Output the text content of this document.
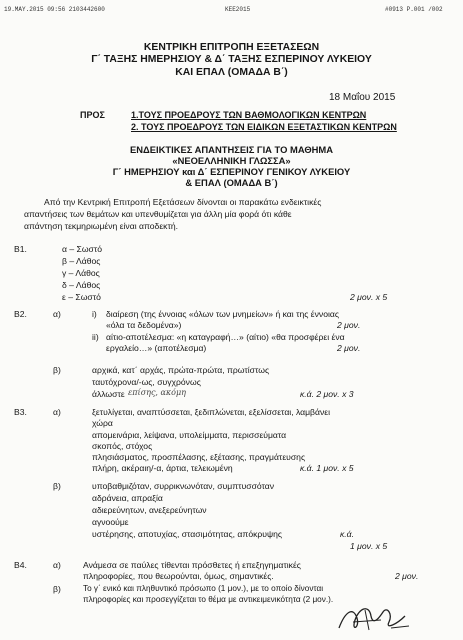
19.MAY.2015 09:56 2103442600	ΚΕΕ2015	#0913 P.001 /002
ΚΕΝΤΡΙΚΗ ΕΠΙΤΡΟΠΗ ΕΞΕΤΑΣΕΩΝ
Γ΄ ΤΑΞΗΣ ΗΜΕΡΗΣΙΟΥ & Δ΄ ΤΑΞΗΣ ΕΣΠΕΡΙΝΟΥ ΛΥΚΕΙΟΥ
ΚΑΙ ΕΠΑΛ (ΟΜΑΔΑ Β΄)
18 Μαΐου 2015
ΠΡΟΣ	1.ΤΟΥΣ ΠΡΟΕΔΡΟΥΣ ΤΩΝ ΒΑΘΜΟΛΟΓΙΚΩΝ ΚΕΝΤΡΩΝ
2. ΤΟΥΣ ΠΡΟΕΔΡΟΥΣ ΤΩΝ ΕΙΔΙΚΩΝ ΕΞΕΤΑΣΤΙΚΩΝ ΚΕΝΤΡΩΝ
ΕΝΔΕΙΚΤΙΚΕΣ ΑΠΑΝΤΗΣΕΙΣ ΓΙΑ ΤΟ ΜΑΘΗΜΑ
«ΝΕΟΕΛΛΗΝΙΚΗ ΓΛΩΣΣΑ»
Γ΄ ΗΜΕΡΗΣΙΟΥ και Δ΄ ΕΣΠΕΡΙΝΟΥ ΓΕΝΙΚΟΥ ΛΥΚΕΙΟΥ
& ΕΠΑΛ (ΟΜΑΔΑ Β΄)
Από την Κεντρική Επιτροπή Εξετάσεων δίνονται οι παρακάτω ενδεικτικές
απαντήσεις των θεμάτων και υπενθυμίζεται για άλλη μία φορά ότι κάθε
απάντηση τεκμηριωμένη είναι αποδεκτή.
Β1.	α – Σωστό
β – Λάθος
γ – Λάθος
δ – Λάθος
ε – Σωστό	2 μον. x 5
Β2.	α)	i) διαίρεση (της έννοιας «όλων των μνημείων» ή και της έννοιας
«όλα τα δεδομένα»)	2 μον.
ii) αίτιο-αποτέλεσμα: «η καταγραφή…» (αίτιο) «θα προσφέρει ένα
εργαλείο…» (αποτέλεσμα)	2 μον.
β)	αρχικά, κατ΄ αρχάς, πρώτα-πρώτα, πρωτίστως
ταυτόχρονα/-ως, συγχρόνως
άλλωστε επίσης, ακόμη	κ.ά. 2 μον. x 3
Β3.	α)	ξετυλίγεται, αναπτύσσεται, ξεδιπλώνεται, εξελίσσεται, λαμβάνει
χώρα
απομεινάρια, λείψανα, υπολείμματα, περισσεύματα
σκοπός, στόχος
πλησιάσματος, προσπέλασης, εξέτασης, πραγμάτευσης
πλήρη, ακέραιη/-α, άρτια, τελειωμένη	κ.ά. 1 μον. x 5
β)	υποβαθμιζόταν, συρρικνωνόταν, συμπτυσσόταν
αδράνεια, απραξία
αδιερεύνητων, ανεξερεύνητων
αγνοούμε
υστέρησης, αποτυχίας, στασιμότητας, απόκρυψης	κ.ά.
1 μον. x 5
Β4.	α)	Ανάμεσα σε παύλες τίθενται πρόσθετες ή επεξηγηματικές
πληροφορίες, που θεωρούνται, όμως, σημαντικές.	2 μον.
β)	Το γ΄ ενικό και πληθυντικό πρόσωπο (1 μον.), με το οποίο δίνονται
πληροφορίες και προσεγγίζεται το θέμα με αντικειμενικότητα (2 μον.).
